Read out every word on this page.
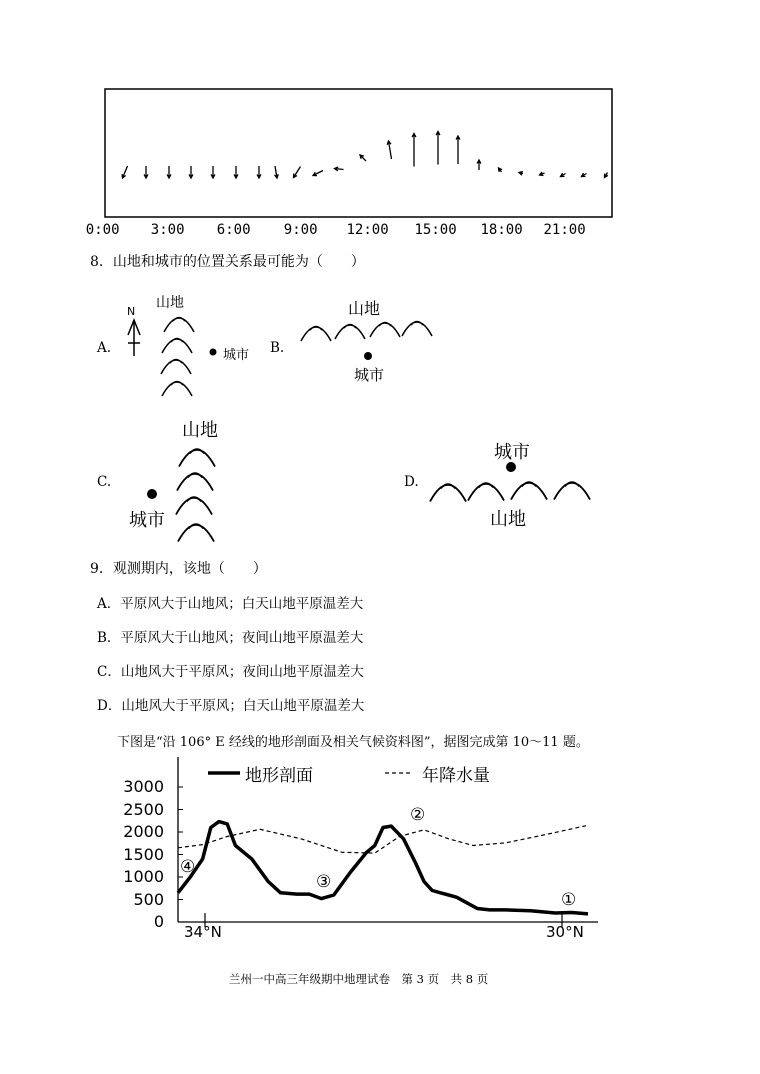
0:00 3:00 6:00 9:00 12:00 15:00 18:00 21:00
8．山地和城市的位置关系最可能为（　　）
A.
N
山地
城市 B.
山地
城市
C.
山地
城市
D.
城市
山地
9．观测期内，该地（　　）
A．平原风大于山地风；白天山地平原温差大
B．平原风大于山地风；夜间山地平原温差大
C．山地风大于平原风；夜间山地平原温差大
D．山地风大于平原风；白天山地平原温差大
下图是“沿 106° E 经线的地形剖面及相关气候资料图”，据图完成第 10～11 题。
地形剖面	年降水量
34°N	30°N
①
②
③
④
3000
2500
2000
1500
1000
500
0
兰州一中高三年级期中地理试卷　第 3 页　共 8 页
